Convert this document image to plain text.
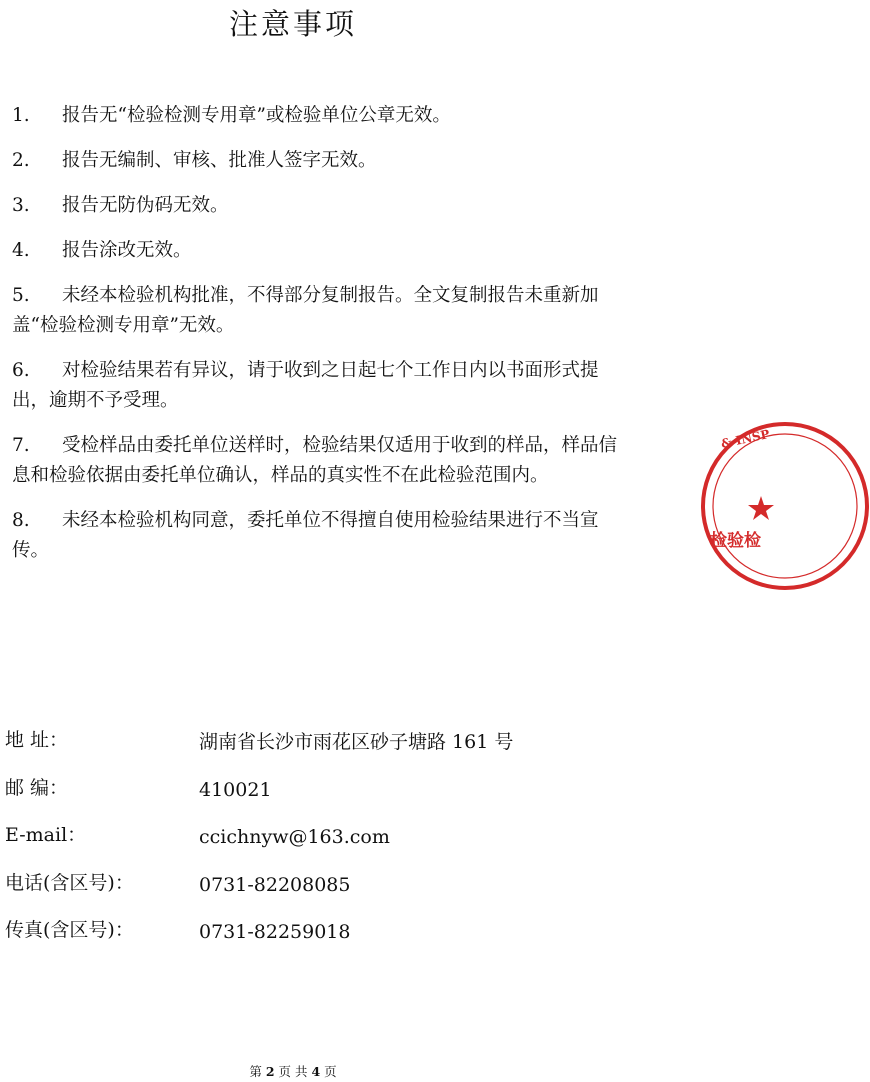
注意事项

1. 报告无“检验检测专用章”或检验单位公章无效。

2. 报告无编制、审核、批准人签字无效。

3. 报告无防伪码无效。

4. 报告涂改无效。

5. 未经本检验机构批准，不得部分复制报告。全文复制报告未重新加盖“检验检测专用章”无效。

6. 对检验结果若有异议，请于收到之日起七个工作日内以书面形式提出，逾期不予受理。

7. 受检样品由委托单位送样时，检验结果仅适用于收到的样品，样品信息和检验依据由委托单位确认，样品的真实性不在此检验范围内。

8. 未经本检验机构同意，委托单位不得擅自使用检验结果进行不当宣传。

& INSP
检验检
地 址：	湖南省长沙市雨花区砂子塘路 161 号
邮 编：	410021
E-mail：	ccichnyw@163.com
电话(含区号)：	0731-82208085
传真(含区号)：	0731-82259018
第 2 页 共 4 页
